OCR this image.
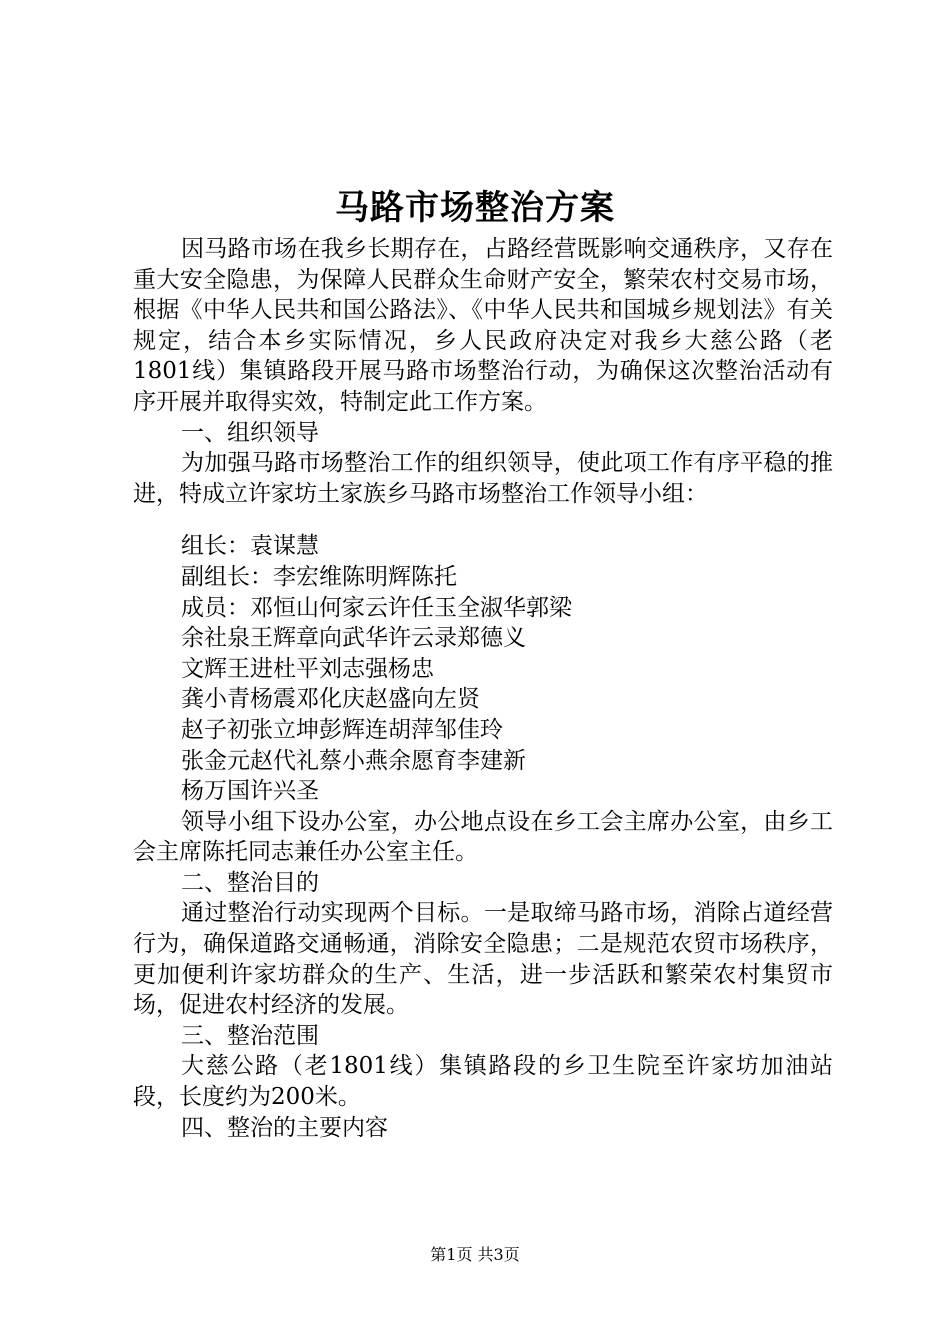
马路市场整治方案

因马路市场在我乡长期存在，占路经营既影响交通秩序，又存在重大安全隐患，为保障人民群众生命财产安全，繁荣农村交易市场，根据《中华人民共和国公路法》、《中华人民共和国城乡规划法》有关规定，结合本乡实际情况，乡人民政府决定对我乡大慈公路（老1801线）集镇路段开展马路市场整治行动，为确保这次整治活动有序开展并取得实效，特制定此工作方案。

一、组织领导

为加强马路市场整治工作的组织领导，使此项工作有序平稳的推进，特成立许家坊土家族乡马路市场整治工作领导小组：

组长：袁谋慧

副组长：李宏维陈明辉陈托

成员：邓恒山何家云许任玉全淑华郭梁

余社泉王辉章向武华许云录郑德义

文辉王进杜平刘志强杨忠

龚小青杨震邓化庆赵盛向左贤

赵子初张立坤彭辉连胡萍邹佳玲

张金元赵代礼蔡小燕余愿育李建新

杨万国许兴圣

领导小组下设办公室，办公地点设在乡工会主席办公室，由乡工会主席陈托同志兼任办公室主任。

二、整治目的

通过整治行动实现两个目标。一是取缔马路市场，消除占道经营行为，确保道路交通畅通，消除安全隐患；二是规范农贸市场秩序，更加便利许家坊群众的生产、生活，进一步活跃和繁荣农村集贸市场，促进农村经济的发展。

三、整治范围

大慈公路（老1801线）集镇路段的乡卫生院至许家坊加油站段，长度约为200米。

四、整治的主要内容

第1页 共3页
